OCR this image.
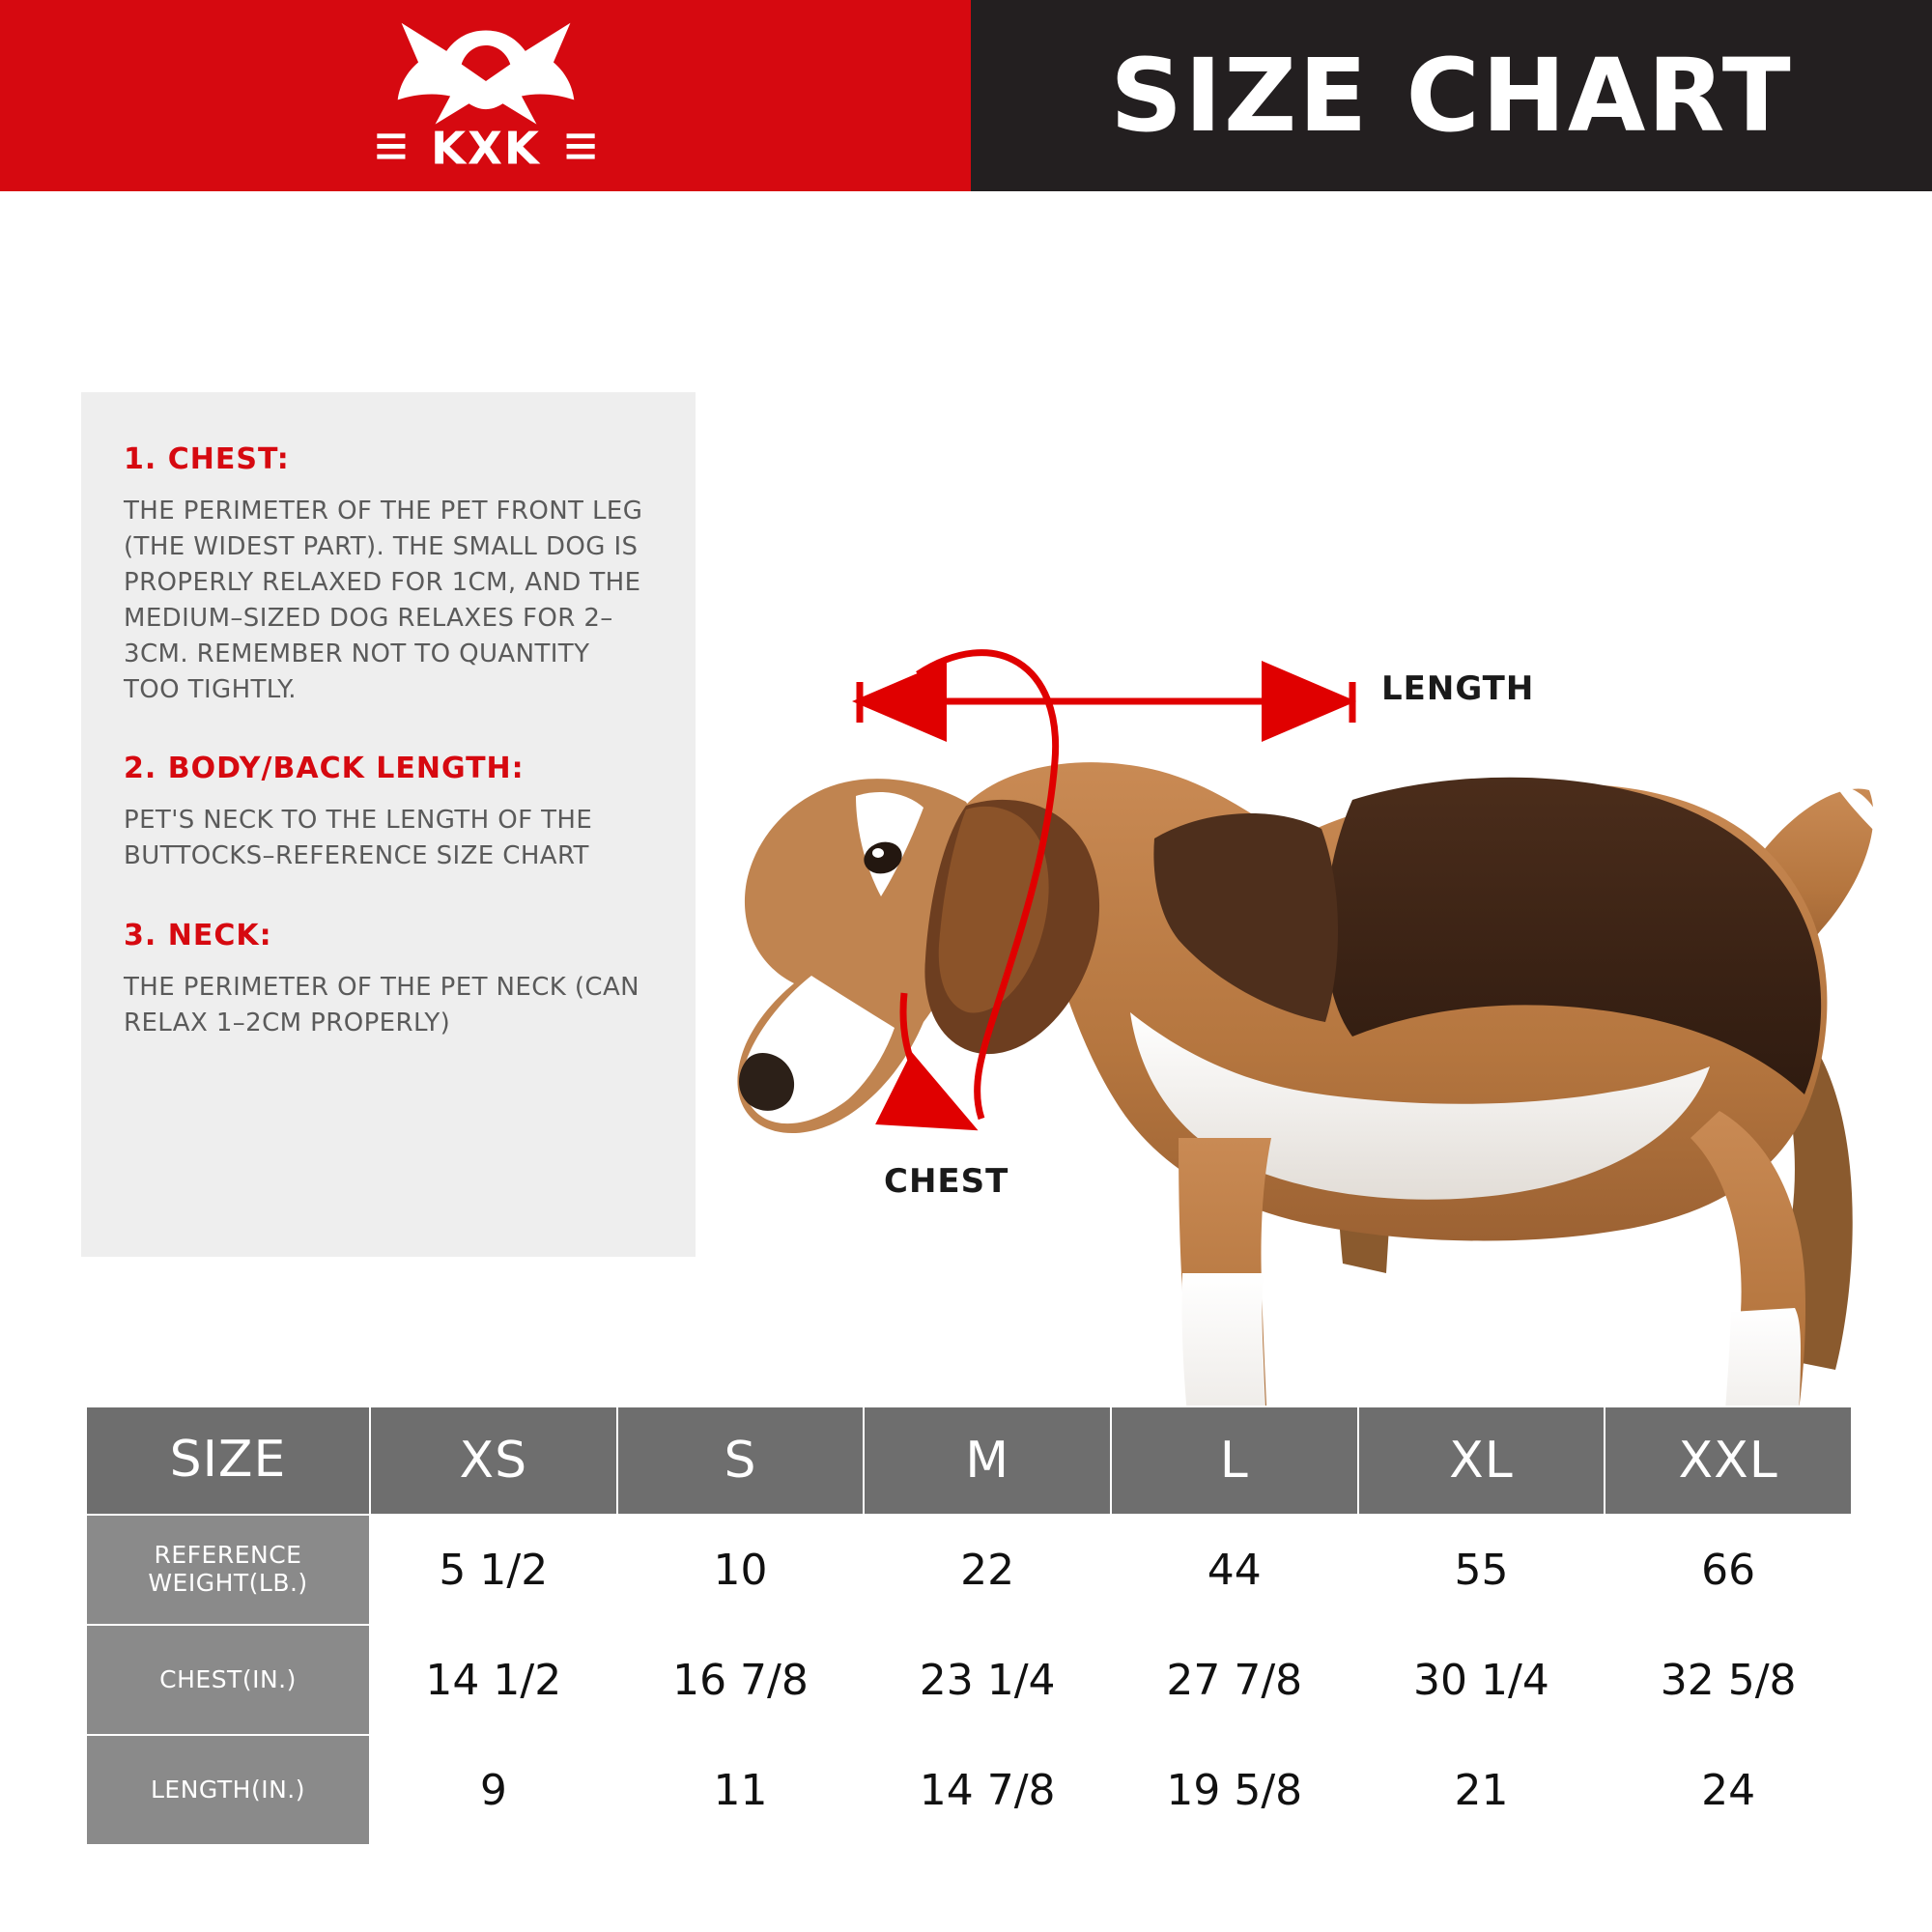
KXK	SIZE CHART
1. CHEST:
THE PERIMETER OF THE PET FRONT LEG (THE WIDEST PART). THE SMALL DOG IS PROPERLY RELAXED FOR 1CM, AND THE MEDIUM–SIZED DOG RELAXES FOR 2–3CM. REMEMBER NOT TO QUANTITY TOO TIGHTLY.
2. BODY/BACK LENGTH:
PET'S NECK TO THE LENGTH OF THE BUTTOCKS–REFERENCE SIZE CHART
3. NECK:
THE PERIMETER OF THE PET NECK (CAN RELAX 1–2CM PROPERLY)
LENGTH
CHEST
SIZE	XS	S	M	L	XL	XXL

REFERENCE
WEIGHT(LB.)	5 1/2	10	22	44	55	66
CHEST(IN.)	14 1/2	16 7/8	23 1/4	27 7/8	30 1/4	32 5/8
LENGTH(IN.)	9	11	14 7/8	19 5/8	21	24
